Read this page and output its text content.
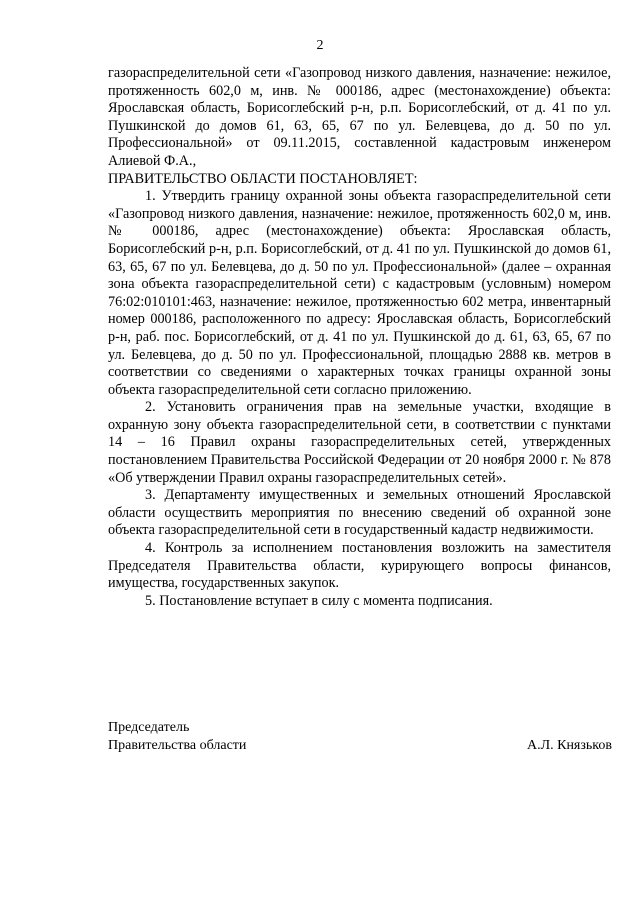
2

газораспределительной сети «Газопровод низкого давления, назначение: нежилое, протяженность 602,0 м, инв. № 000186, адрес (местонахождение) объекта: Ярославская область, Борисоглебский р-н, р.п. Борисоглебский, от д. 41 по ул. Пушкинской до домов 61, 63, 65, 67 по ул. Белевцева, до д. 50 по ул. Профессиональной» от 09.11.2015, составленной кадастровым инженером Алиевой Ф.А.,

ПРАВИТЕЛЬСТВО ОБЛАСТИ ПОСТАНОВЛЯЕТ:

1. Утвердить границу охранной зоны объекта газораспределительной сети «Газопровод низкого давления, назначение: нежилое, протяженность 602,0 м, инв. № 000186, адрес (местонахождение) объекта: Ярославская область, Борисоглебский р-н, р.п. Борисоглебский, от д. 41 по ул. Пушкинской до домов 61, 63, 65, 67 по ул. Белевцева, до д. 50 по ул. Профессиональной» (далее – охранная зона объекта газораспределительной сети) с кадастровым (условным) номером 76:02:010101:463, назначение: нежилое, протяженностью 602 метра, инвентарный номер 000186, расположенного по адресу: Ярославская область, Борисоглебский р-н, раб. пос. Борисоглебский, от д. 41 по ул. Пушкинской до д. 61, 63, 65, 67 по ул. Белевцева, до д. 50 по ул. Профессиональной, площадью 2888 кв. метров в соответствии со сведениями о характерных точках границы охранной зоны объекта газораспределительной сети согласно приложению.

2. Установить ограничения прав на земельные участки, входящие в охранную зону объекта газораспределительной сети, в соответствии с пунктами 14 – 16 Правил охраны газораспределительных сетей, утвержденных постановлением Правительства Российской Федерации от 20 ноября 2000 г. № 878 «Об утверждении Правил охраны газораспределительных сетей».

3. Департаменту имущественных и земельных отношений Ярославской области осуществить мероприятия по внесению сведений об охранной зоне объекта газораспределительной сети в государственный кадастр недвижимости.

4. Контроль за исполнением постановления возложить на заместителя Председателя Правительства области, курирующего вопросы финансов, имущества, государственных закупок.

5. Постановление вступает в силу с момента подписания.

Председатель
Правительства области	А.Л. Князьков
